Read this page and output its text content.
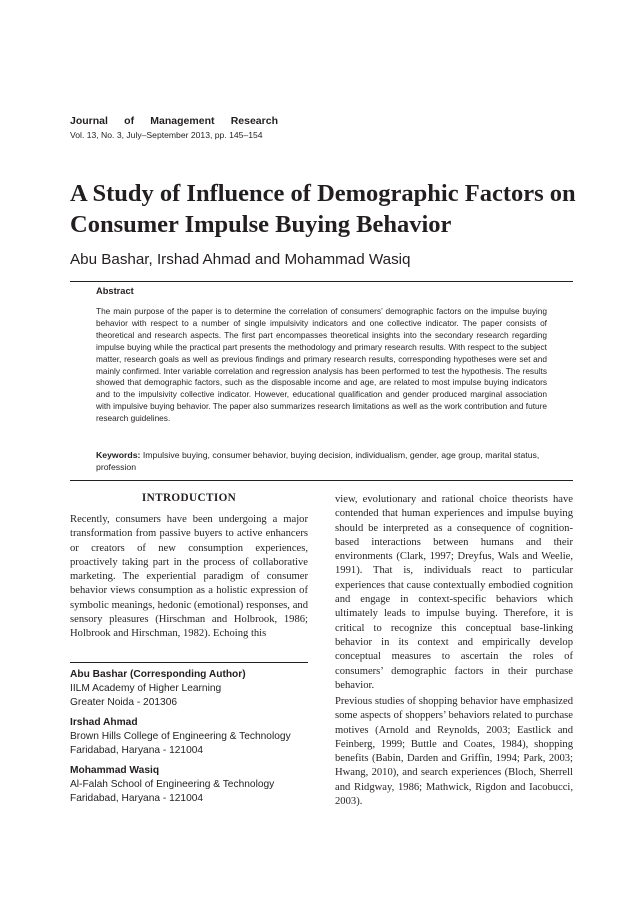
Journal of Management Research
Vol. 13, No. 3, July–September 2013, pp. 145–154
A Study of Influence of Demographic Factors on Consumer Impulse Buying Behavior
Abu Bashar, Irshad Ahmad and Mohammad Wasiq
Abstract

The main purpose of the paper is to determine the correlation of consumers’ demographic factors on the impulse buying behavior with respect to a number of single impulsivity indicators and one collective indicator. The paper consists of theoretical and research aspects. The first part encompasses theoretical insights into the secondary research regarding impulse buying while the practical part presents the methodology and primary research results. With respect to the subject matter, research goals as well as previous findings and primary research results, corresponding hypotheses were set and mainly confirmed. Inter variable correlation and regression analysis has been performed to test the hypothesis. The results showed that demographic factors, such as the disposable income and age, are related to most impulse buying indicators and to the impulsivity collective indicator. However, educational qualification and gender produced marginal association with impulsive buying behavior. The paper also summarizes research limitations as well as the work contribution and future research guidelines.

Keywords: Impulsive buying, consumer behavior, buying decision, individualism, gender, age group, marital status, profession

INTRODUCTION

Recently, consumers have been undergoing a major transformation from passive buyers to active enhancers or creators of new consumption experiences, proactively taking part in the process of collaborative marketing. The experiential paradigm of consumer behavior views consumption as a holistic expression of symbolic meanings, hedonic (emotional) responses, and sensory pleasures (Hirschman and Holbrook, 1986; Holbrook and Hirschman, 1982). Echoing this

Abu Bashar (Corresponding Author)
IILM Academy of Higher Learning
Greater Noida - 201306
Irshad Ahmad
Brown Hills College of Engineering & Technology
Faridabad, Haryana - 121004
Mohammad Wasiq
Al-Falah School of Engineering & Technology
Faridabad, Haryana - 121004

view, evolutionary and rational choice theorists have contended that human experiences and impulse buying should be interpreted as a consequence of cognition-based interactions between humans and their environments (Clark, 1997; Dreyfus, Wals and Weelie, 1991). That is, individuals react to particular experiences that cause contextually embodied cognition and engage in context-specific behaviors which ultimately leads to impulse buying. Therefore, it is critical to recognize this conceptual base-linking behavior in its context and empirically develop conceptual measures to ascertain the roles of consumers’ demographic factors in their purchase behavior.

Previous studies of shopping behavior have emphasized some aspects of shoppers’ behaviors related to purchase motives (Arnold and Reynolds, 2003; Eastlick and Feinberg, 1999; Buttle and Coates, 1984), shopping benefits (Babin, Darden and Griffin, 1994; Park, 2003; Hwang, 2010), and search experiences (Bloch, Sherrell and Ridgway, 1986; Mathwick, Rigdon and Iacobucci, 2003).
